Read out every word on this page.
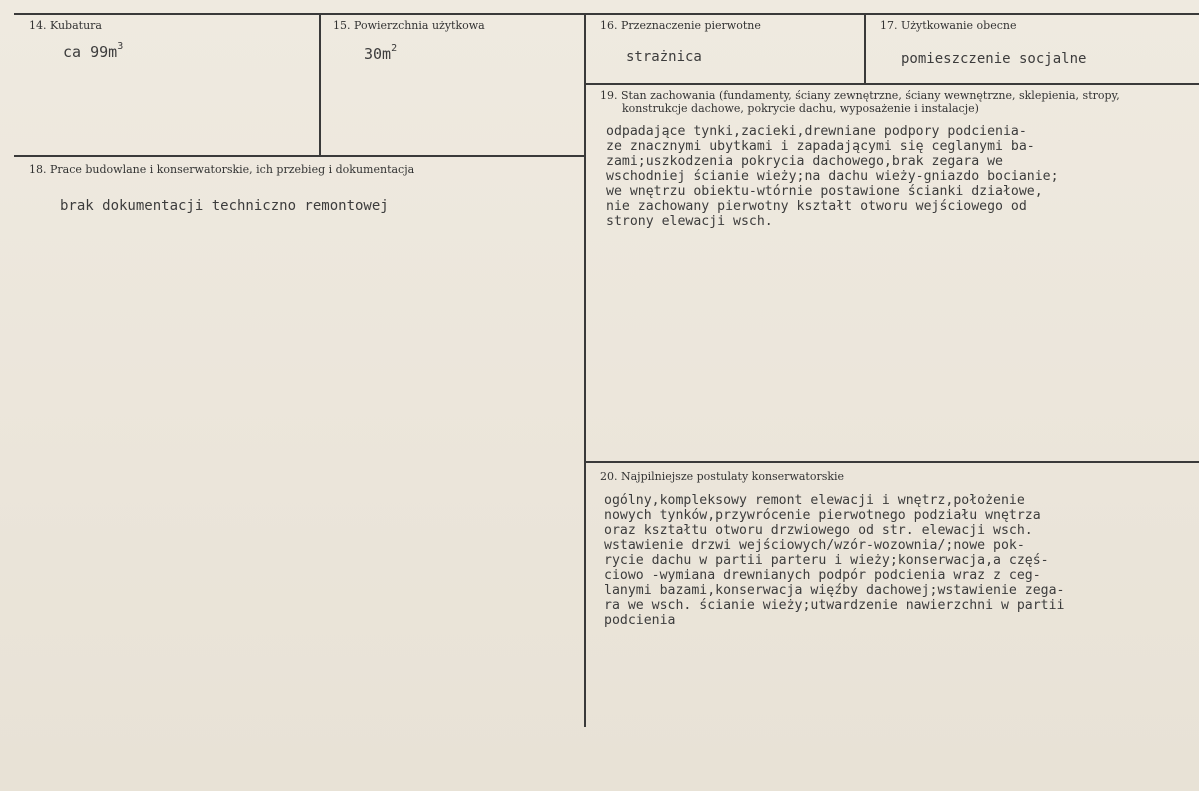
14. Kubatura
ca $99m^3$
15. Powierzchnia użytkowa
$30m^2$
16. Przeznaczenie pierwotne
strażnica
17. Użytkowanie obecne
pomieszczenie socjalne
18. Prace budowlane i konserwatorskie, ich przebieg i dokumentacja
brak dokumentacji techniczno remontowej
19. Stan zachowania (fundamenty, ściany zewnętrzne, ściany wewnętrzne, sklepienia, stropy,
konstrukcje dachowe, pokrycie dachu, wyposażenie i instalacje)
odpadające tynki,zacieki,drewniane podpory podcienia-
ze znacznymi ubytkami i zapadającymi się ceglanymi ba-
zami;uszkodzenia pokrycia dachowego,brak zegara we
wschodniej ścianie wieży;na dachu wieży-gniazdo bocianie;
we wnętrzu obiektu-wtórnie postawione ścianki działowe,
nie zachowany pierwotny kształt otworu wejściowego od
strony elewacji wsch.
20. Najpilniejsze postulaty konserwatorskie
ogólny,kompleksowy remont elewacji i wnętrz,położenie
nowych tynków,przywrócenie pierwotnego podziału wnętrza
oraz kształtu otworu drzwiowego od str. elewacji wsch.
wstawienie drzwi wejściowych/wzór-wozownia/;nowe pok-
rycie dachu w partii parteru i wieży;konserwacja,a częś-
ciowo -wymiana drewnianych podpór podcienia wraz z ceg-
lanymi bazami,konserwacja więźby dachowej;wstawienie zega-
ra we wsch. ścianie wieży;utwardzenie nawierzchni w partii
podcienia
